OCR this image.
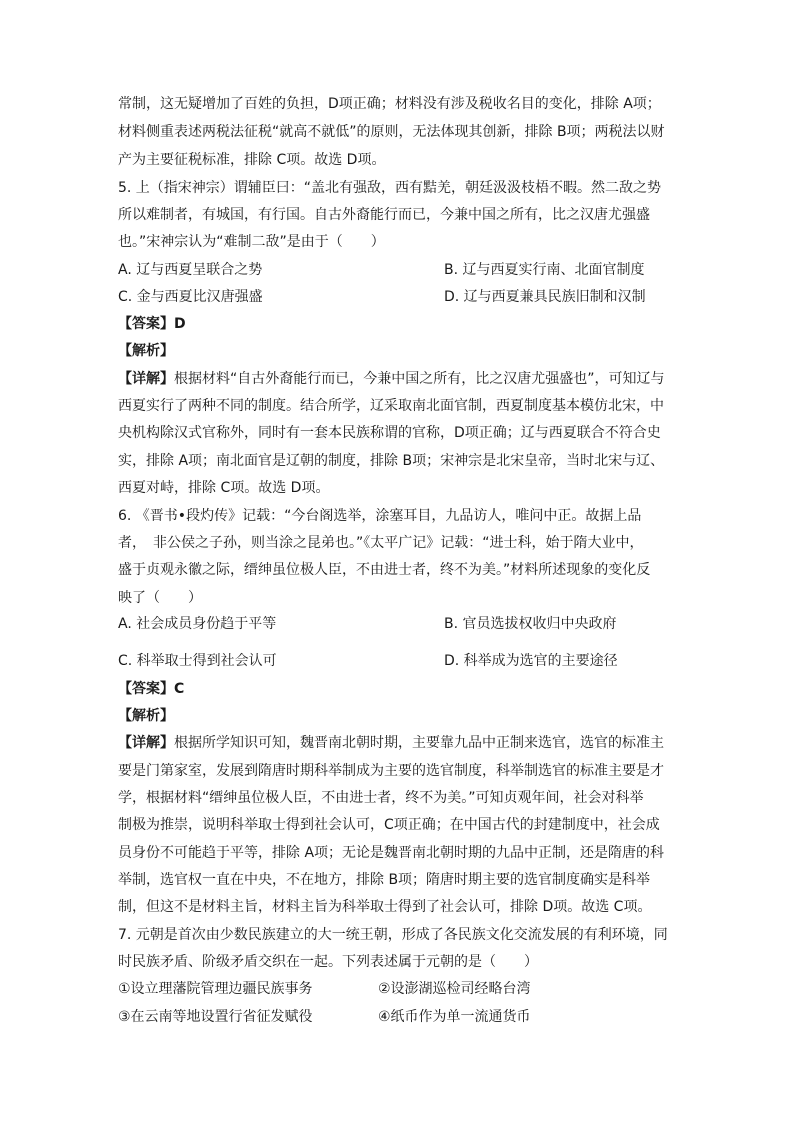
常制，这无疑增加了百姓的负担，D项正确；材料没有涉及税收名目的变化，排除 A项；

材料侧重表述两税法征税“就高不就低”的原则，无法体现其创新，排除 B项；两税法以财

产为主要征税标准，排除 C项。故选 D项。

5. 上（指宋神宗）谓辅臣曰：“盖北有强敌，西有黠羌，朝廷汲汲枝梧不暇。然二敌之势

所以难制者，有城国，有行国。自古外裔能行而已，今兼中国之所有，比之汉唐尤强盛

也。”宋神宗认为“难制二敌”是由于（　　）

A. 辽与西夏呈联合之势	B. 辽与西夏实行南、北面官制度
C. 金与西夏比汉唐强盛	D. 辽与西夏兼具民族旧制和汉制

【答案】D

【解析】

【详解】根据材料“自古外裔能行而已，今兼中国之所有，比之汉唐尤强盛也”，可知辽与

西夏实行了两种不同的制度。结合所学，辽采取南北面官制，西夏制度基本模仿北宋，中

央机构除汉式官称外，同时有一套本民族称谓的官称，D项正确；辽与西夏联合不符合史

实，排除 A项；南北面官是辽朝的制度，排除 B项；宋神宗是北宋皇帝，当时北宋与辽、

西夏对峙，排除 C项。故选 D项。

6. 《晋书•段灼传》记载：“今台阁选举，涂塞耳目，九品访人，唯问中正。故据上品

者，　非公侯之子孙，则当涂之昆弟也。”《太平广记》记载：“进士科，始于隋大业中，

盛于贞观永徽之际，缙绅虽位极人臣，不由进士者，终不为美。”材料所述现象的变化反

映了（　　）

A. 社会成员身份趋于平等	B. 官员选拔权收归中央政府
C. 科举取士得到社会认可	D. 科举成为选官的主要途径

【答案】C

【解析】

【详解】根据所学知识可知，魏晋南北朝时期，主要靠九品中正制来选官，选官的标准主

要是门第家室，发展到隋唐时期科举制成为主要的选官制度，科举制选官的标准主要是才

学，根据材料“缙绅虽位极人臣，不由进士者，终不为美。”可知贞观年间，社会对科举

制极为推崇，说明科举取士得到社会认可，C项正确；在中国古代的封建制度中，社会成

员身份不可能趋于平等，排除 A项；无论是魏晋南北朝时期的九品中正制，还是隋唐的科

举制，选官权一直在中央，不在地方，排除 B项；隋唐时期主要的选官制度确实是科举

制，但这不是材料主旨，材料主旨为科举取士得到了社会认可，排除 D项。故选 C项。

7. 元朝是首次由少数民族建立的大一统王朝，形成了各民族文化交流发展的有利环境，同

时民族矛盾、阶级矛盾交织在一起。下列表述属于元朝的是（　　）

①设立理藩院管理边疆民族事务	②设澎湖巡检司经略台湾
③在云南等地设置行省征发赋役	④纸币作为单一流通货币
